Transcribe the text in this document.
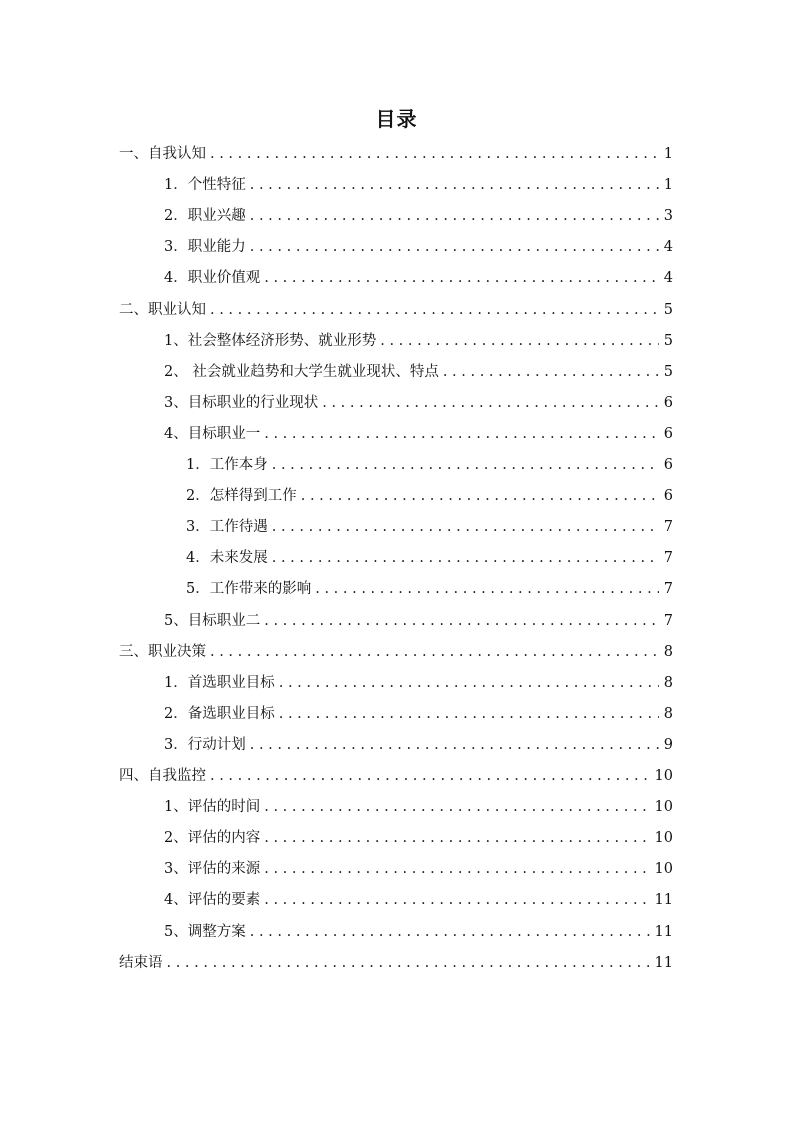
目录
一、自我认知 . . .	1
1．个性特征 . . .	1
2．职业兴趣 . . .	3
3．职业能力 . . .	4
4．职业价值观 . . .	4
二、职业认知 . . .	5
1、社会整体经济形势、就业形势 . . .	5
2、 社会就业趋势和大学生就业现状、特点 . . .	5
3、目标职业的行业现状 . . .	6
4、目标职业一 . . .	6
1．工作本身 . . .	6
2．怎样得到工作 . . .	6
3．工作待遇 . . .	7
4．未来发展 . . .	7
5．工作带来的影响 . . .	7
5、目标职业二 . . .	7
三、职业决策 . . .	8
1．首选职业目标 . . .	8
2．备选职业目标 . . .	8
3．行动计划 . . .	9
四、自我监控 . . .	10
1、评估的时间 . . .	10
2、评估的内容 . . .	10
3、评估的来源 . . .	10
4、评估的要素 . . .	11
5、调整方案 . . .	11
结束语 . . .	11
